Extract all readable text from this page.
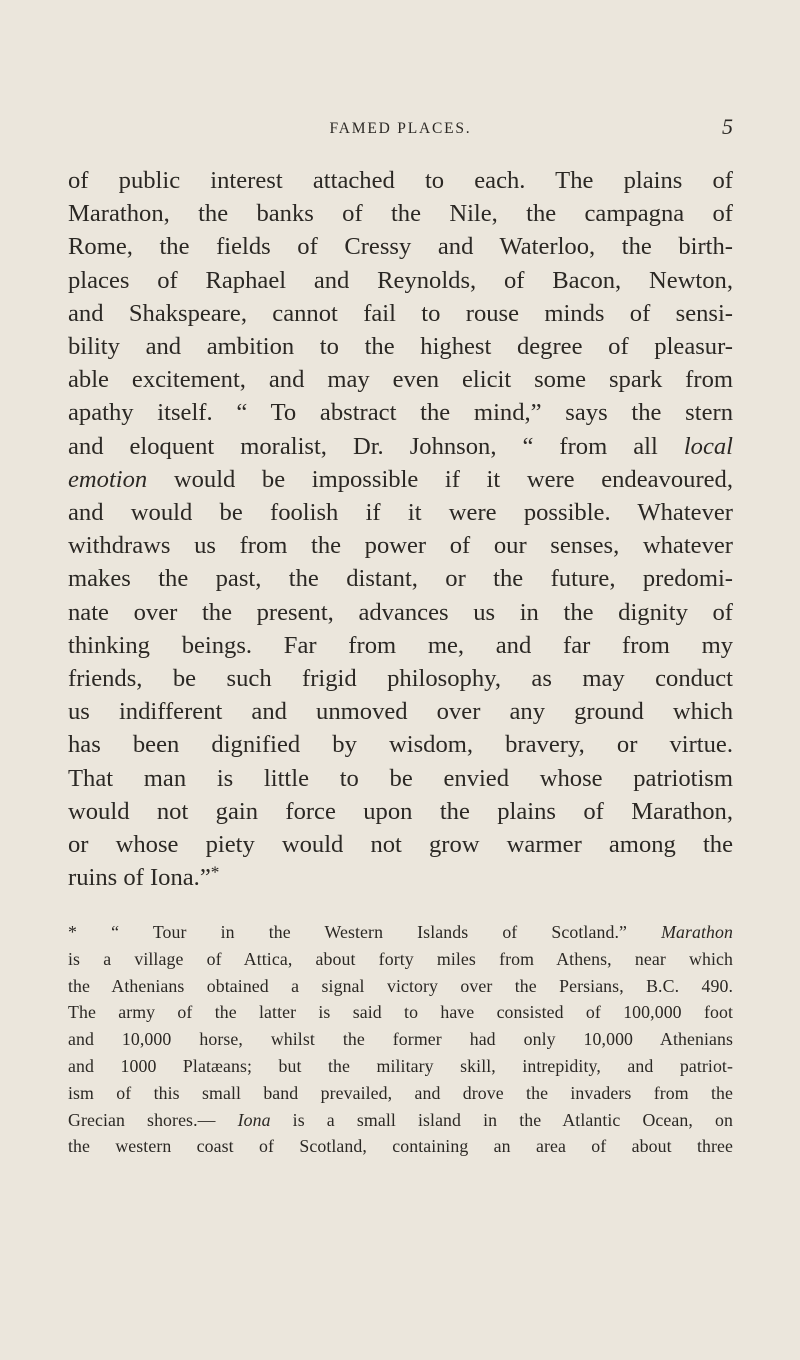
FAMED PLACES.	5
of public interest attached to each. The plains of
Marathon, the banks of the Nile, the campagna of
Rome, the fields of Cressy and Waterloo, the birth-
places of Raphael and Reynolds, of Bacon, Newton,
and Shakspeare, cannot fail to rouse minds of sensi-
bility and ambition to the highest degree of pleasur-
able excitement, and may even elicit some spark from
apathy itself. “ To abstract the mind,” says the stern
and eloquent moralist, Dr. Johnson, “ from all local
emotion would be impossible if it were endeavoured,
and would be foolish if it were possible. Whatever
withdraws us from the power of our senses, whatever
makes the past, the distant, or the future, predomi-
nate over the present, advances us in the dignity of
thinking beings. Far from me, and far from my
friends, be such frigid philosophy, as may conduct
us indifferent and unmoved over any ground which
has been dignified by wisdom, bravery, or virtue.
That man is little to be envied whose patriotism
would not gain force upon the plains of Marathon,
or whose piety would not grow warmer among the
ruins of Iona.”*
* “ Tour in the Western Islands of Scotland.” Marathon
is a village of Attica, about forty miles from Athens, near which
the Athenians obtained a signal victory over the Persians, B.C. 490.
The army of the latter is said to have consisted of 100,000 foot
and 10,000 horse, whilst the former had only 10,000 Athenians
and 1000 Platæans; but the military skill, intrepidity, and patriot-
ism of this small band prevailed, and drove the invaders from the
Grecian shores.— Iona is a small island in the Atlantic Ocean, on
the western coast of Scotland, containing an area of about three
